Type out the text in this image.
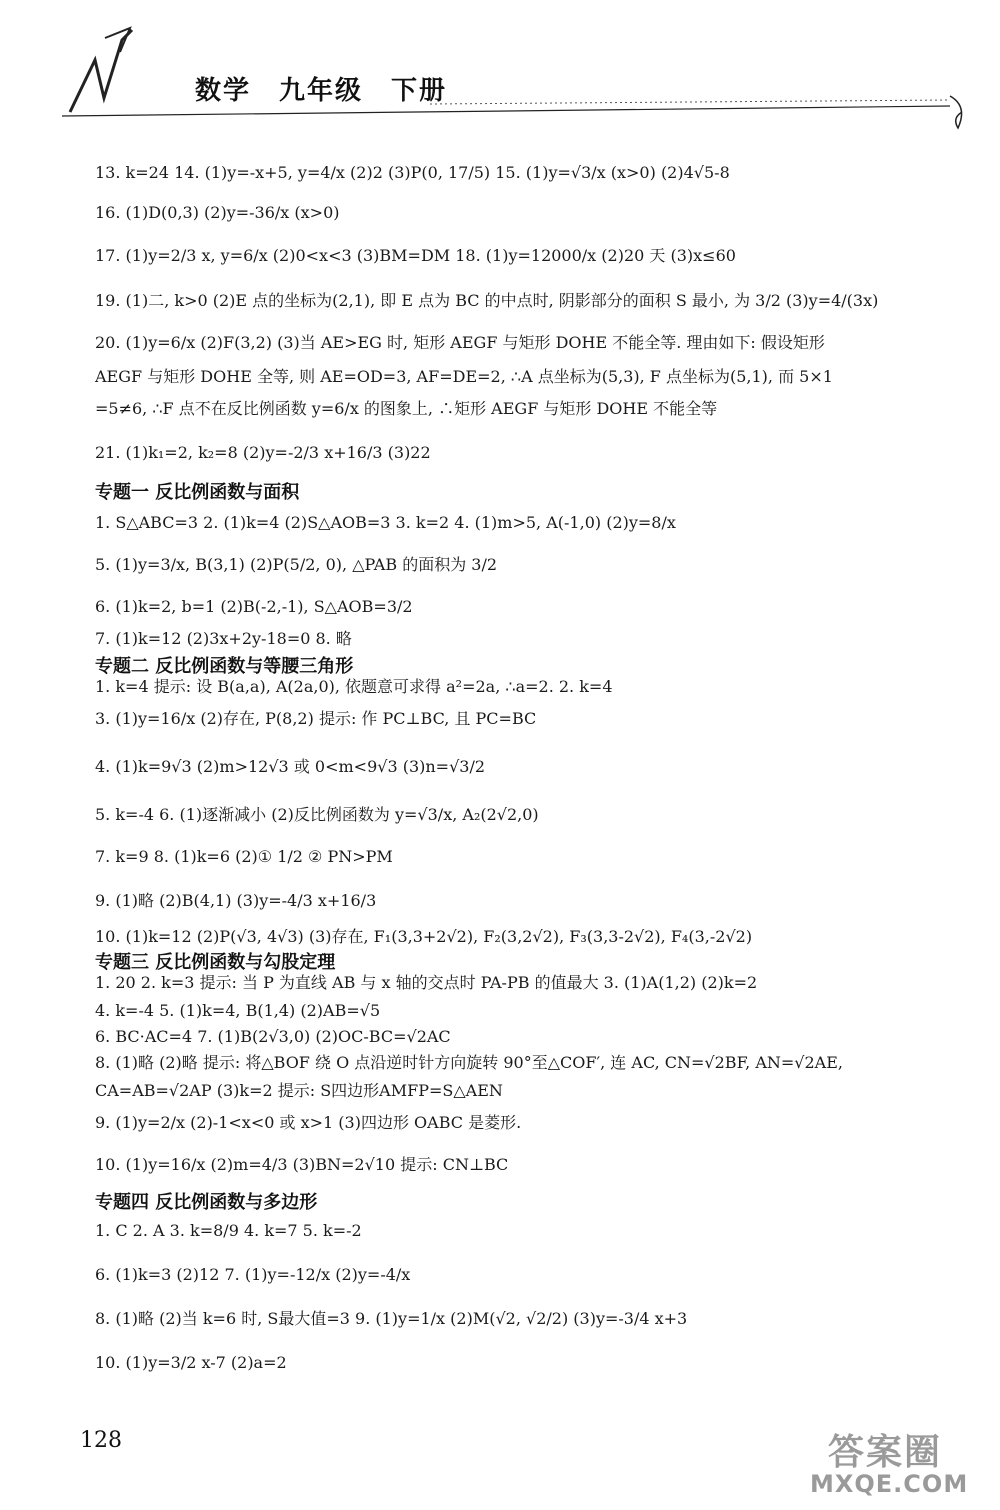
数学 九年级 下册
13. k=24 14. (1)y=-x+5, y=4/x (2)2 (3)P(0, 17/5) 15. (1)y=√3/x (x>0) (2)4√5-8
16. (1)D(0,3) (2)y=-36/x (x>0)
17. (1)y=2/3 x, y=6/x (2)0<x<3 (3)BM=DM 18. (1)y=12000/x (2)20 天 (3)x≤60
19. (1)二, k>0 (2)E 点的坐标为(2,1), 即 E 点为 BC 的中点时, 阴影部分的面积 S 最小, 为 3/2 (3)y=4/(3x)
20. (1)y=6/x (2)F(3,2) (3)当 AE>EG 时, 矩形 AEGF 与矩形 DOHE 不能全等. 理由如下: 假设矩形
AEGF 与矩形 DOHE 全等, 则 AE=OD=3, AF=DE=2, ∴A 点坐标为(5,3), F 点坐标为(5,1), 而 5×1
=5≠6, ∴F 点不在反比例函数 y=6/x 的图象上, ∴矩形 AEGF 与矩形 DOHE 不能全等
21. (1)k₁=2, k₂=8 (2)y=-2/3 x+16/3 (3)22
1. S△ABC=3 2. (1)k=4 (2)S△AOB=3 3. k=2 4. (1)m>5, A(-1,0) (2)y=8/x
5. (1)y=3/x, B(3,1) (2)P(5/2, 0), △PAB 的面积为 3/2
6. (1)k=2, b=1 (2)B(-2,-1), S△AOB=3/2
7. (1)k=12 (2)3x+2y-18=0 8. 略
1. k=4 提示: 设 B(a,a), A(2a,0), 依题意可求得 a²=2a, ∴a=2. 2. k=4
3. (1)y=16/x (2)存在, P(8,2) 提示: 作 PC⊥BC, 且 PC=BC
4. (1)k=9√3 (2)m>12√3 或 0<m<9√3 (3)n=√3/2
5. k=-4 6. (1)逐渐减小 (2)反比例函数为 y=√3/x, A₂(2√2,0)
7. k=9 8. (1)k=6 (2)① 1/2 ② PN>PM
9. (1)略 (2)B(4,1) (3)y=-4/3 x+16/3
10. (1)k=12 (2)P(√3, 4√3) (3)存在, F₁(3,3+2√2), F₂(3,2√2), F₃(3,3-2√2), F₄(3,-2√2)
1. 20 2. k=3 提示: 当 P 为直线 AB 与 x 轴的交点时 PA-PB 的值最大 3. (1)A(1,2) (2)k=2
4. k=-4 5. (1)k=4, B(1,4) (2)AB=√5
6. BC·AC=4 7. (1)B(2√3,0) (2)OC-BC=√2AC
8. (1)略 (2)略 提示: 将△BOF 绕 O 点沿逆时针方向旋转 90°至△COF′, 连 AC, CN=√2BF, AN=√2AE,
CA=AB=√2AP (3)k=2 提示: S四边形AMFP=S△AEN
9. (1)y=2/x (2)-1<x<0 或 x>1 (3)四边形 OABC 是菱形.
10. (1)y=16/x (2)m=4/3 (3)BN=2√10 提示: CN⊥BC
1. C 2. A 3. k=8/9 4. k=7 5. k=-2
6. (1)k=3 (2)12 7. (1)y=-12/x (2)y=-4/x
8. (1)略 (2)当 k=6 时, S最大值=3 9. (1)y=1/x (2)M(√2, √2/2) (3)y=-3/4 x+3
10. (1)y=3/2 x-7 (2)a=2
专题一 反比例函数与面积
专题二 反比例函数与等腰三角形
专题三 反比例函数与勾股定理
专题四 反比例函数与多边形
128	答案圈
MXQE.COM
